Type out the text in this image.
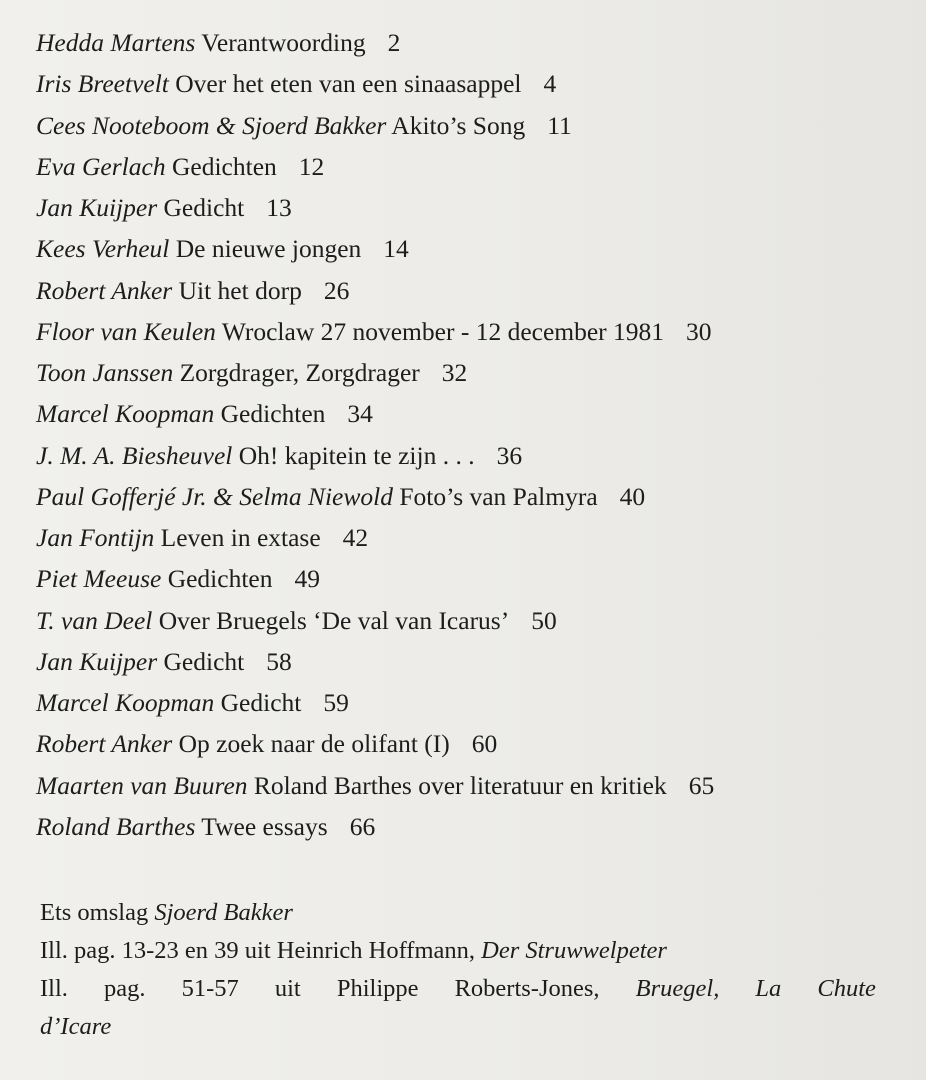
Hedda Martens Verantwoording 2
Iris Breetvelt Over het eten van een sinaasappel 4
Cees Nooteboom & Sjoerd Bakker Akito’s Song 11
Eva Gerlach Gedichten 12
Jan Kuijper Gedicht 13
Kees Verheul De nieuwe jongen 14
Robert Anker Uit het dorp 26
Floor van Keulen Wroclaw 27 november - 12 december 1981 30
Toon Janssen Zorgdrager, Zorgdrager 32
Marcel Koopman Gedichten 34
J. M. A. Biesheuvel Oh! kapitein te zijn . . . 36
Paul Gofferjé Jr. & Selma Niewold Foto’s van Palmyra 40
Jan Fontijn Leven in extase 42
Piet Meeuse Gedichten 49
T. van Deel Over Bruegels ‘De val van Icarus’ 50
Jan Kuijper Gedicht 58
Marcel Koopman Gedicht 59
Robert Anker Op zoek naar de olifant (I) 60
Maarten van Buuren Roland Barthes over literatuur en kritiek 65
Roland Barthes Twee essays 66
Ets omslag Sjoerd Bakker
Ill. pag. 13-23 en 39 uit Heinrich Hoffmann, Der Struwwelpeter
Ill. pag. 51-57 uit Philippe Roberts-Jones, Bruegel, La Chute
d’Icare
